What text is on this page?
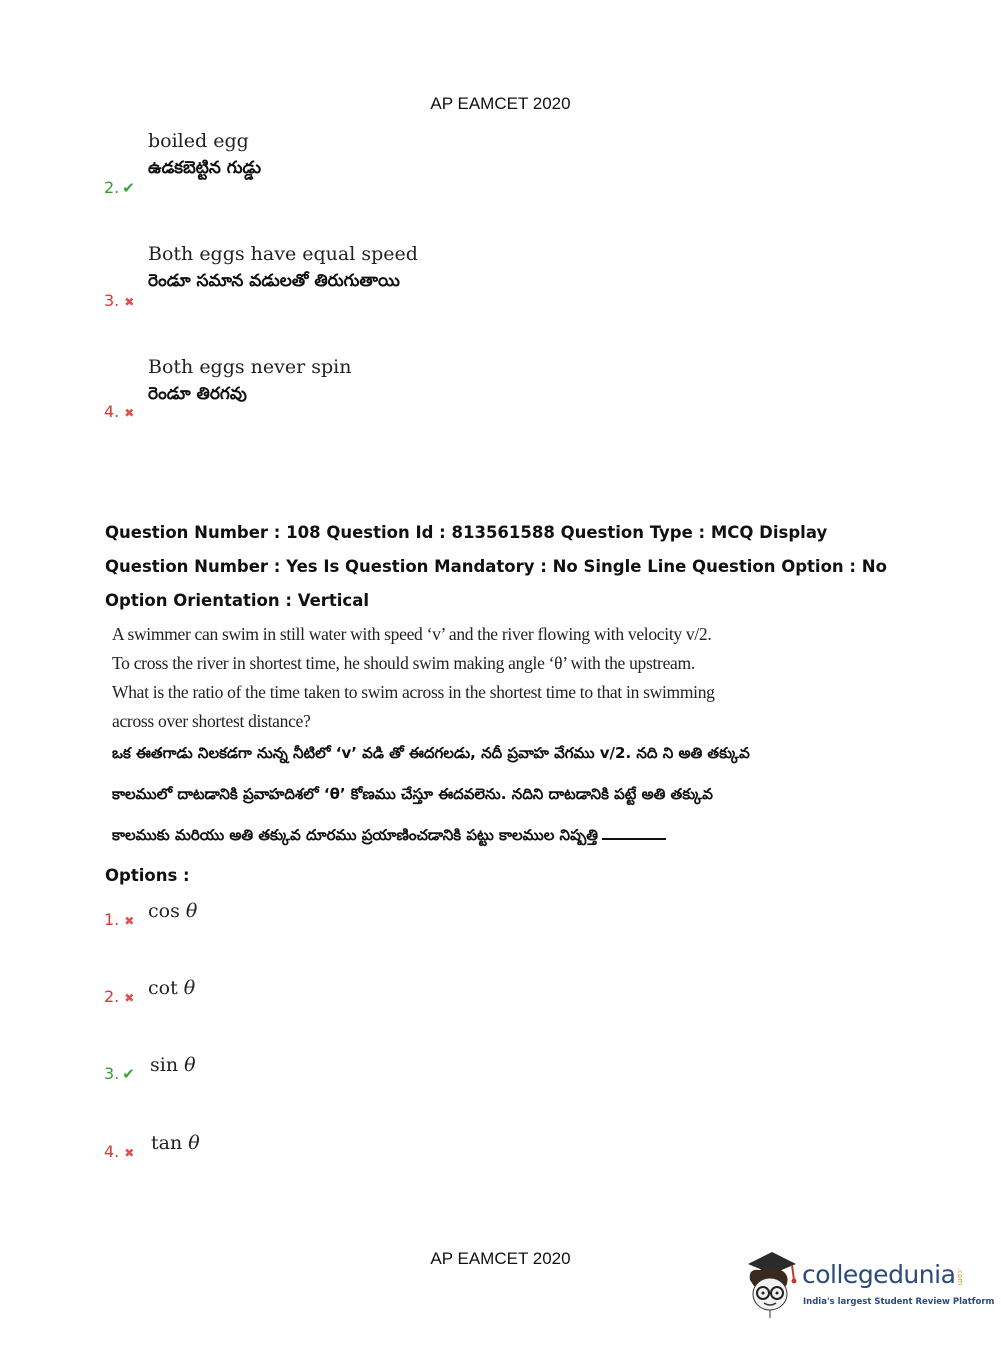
AP EAMCET 2020
2. ✔
boiled egg
ఉడకబెట్టిన గుడ్డు
3. ✖
Both eggs have equal speed
రెండూ సమాన వడులతో తిరుగుతాయి
4. ✖
Both eggs never spin
రెండూ తిరగవు
Question Number : 108 Question Id : 813561588 Question Type : MCQ Display Question Number : Yes Is Question Mandatory : No Single Line Question Option : No Option Orientation : Vertical
A swimmer can swim in still water with speed ‘v’ and the river flowing with velocity v/2. To cross the river in shortest time, he should swim making angle ‘θ’ with the upstream. What is the ratio of the time taken to swim across in the shortest time to that in swimming across over shortest distance?
ఒక ఈతగాడు నిలకడగా నున్న నీటిలో ‘v’ వడి తో ఈదగలడు, నదీ ప్రవాహ వేగము v/2. నది ని అతి తక్కువ కాలములో దాటడానికి ప్రవాహదిశలో ‘θ’ కోణము చేస్తూ ఈదవలెను. నదిని దాటడానికి పట్టే అతి తక్కువ కాలముకు మరియు అతి తక్కువ దూరము ప్రయాణించడానికి పట్టు కాలముల నిష్పత్తి
Options :
1. ✖ cos θ
2. ✖ cot θ
3. ✔ sin θ
4. ✖ tan θ
AP EAMCET 2020
collegedunia .com
India's largest Student Review Platform
